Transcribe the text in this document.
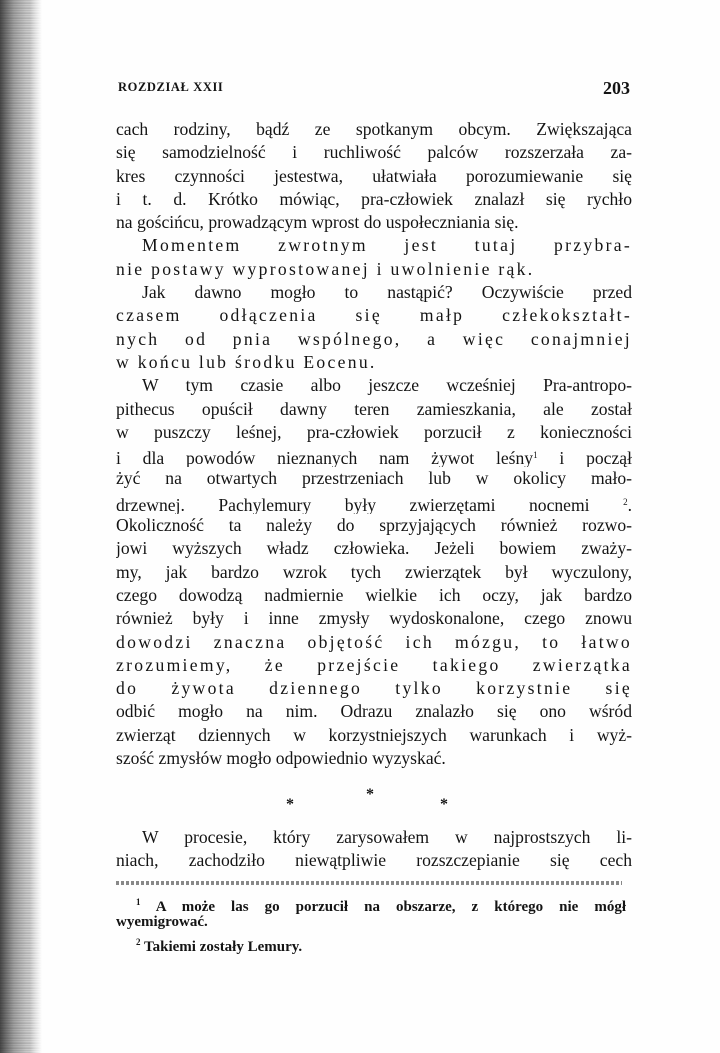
ROZDZIAŁ XXII	203
cach rodziny, bądź ze spotkanym obcym. Zwiększająca
się samodzielność i ruchliwość palców rozszerzała za-
kres czynności jestestwa, ułatwiała porozumiewanie się
i t. d. Krótko mówiąc, pra-człowiek znalazł się rychło
na gościńcu, prowadzącym wprost do uspołeczniania się.
Momentem zwrotnym jest tutaj przybra-
nie postawy wyprostowanej i uwolnienie rąk.
Jak dawno mogło to nastąpić? Oczywiście przed
czasem odłączenia się małp człekokształt-
nych od pnia wspólnego, a więc conajmniej
w końcu lub środku Eocenu.
W tym czasie albo jeszcze wcześniej Pra-antropo-
pithecus opuścił dawny teren zamieszkania, ale został
w puszczy leśnej, pra-człowiek porzucił z konieczności
i dla powodów nieznanych nam żywot leśny$^1$ i począł
żyć na otwartych przestrzeniach lub w okolicy mało-
drzewnej. Pachylemury były zwierzętami nocnemi	$^2$.
Okoliczność ta należy do sprzyjających również rozwo-
jowi wyższych władz człowieka. Jeżeli bowiem zważy-
my, jak bardzo wzrok tych zwierzątek był wyczulony,
czego dowodzą nadmiernie wielkie ich oczy, jak bardzo
również były i inne zmysły wydoskonalone, czego znowu
dowodzi znaczna objętość ich mózgu, to łatwo
zrozumiemy, że przejście takiego zwierzątka
do żywota dziennego tylko korzystnie się
odbić mogło na nim. Odrazu znalazło się ono wśród
zwierząt dziennych w korzystniejszych warunkach i wyż-
szość zmysłów mogło odpowiednio wyzyskać.
*
*	*
W procesie, który zarysowałem w najprostszych li-
niach, zachodziło niewątpliwie rozszczepianie się cech
$^1$ A może las go porzucił na obszarze, z którego nie mógł
wyemigrować.
$^2$ Takiemi zostały Lemury.
